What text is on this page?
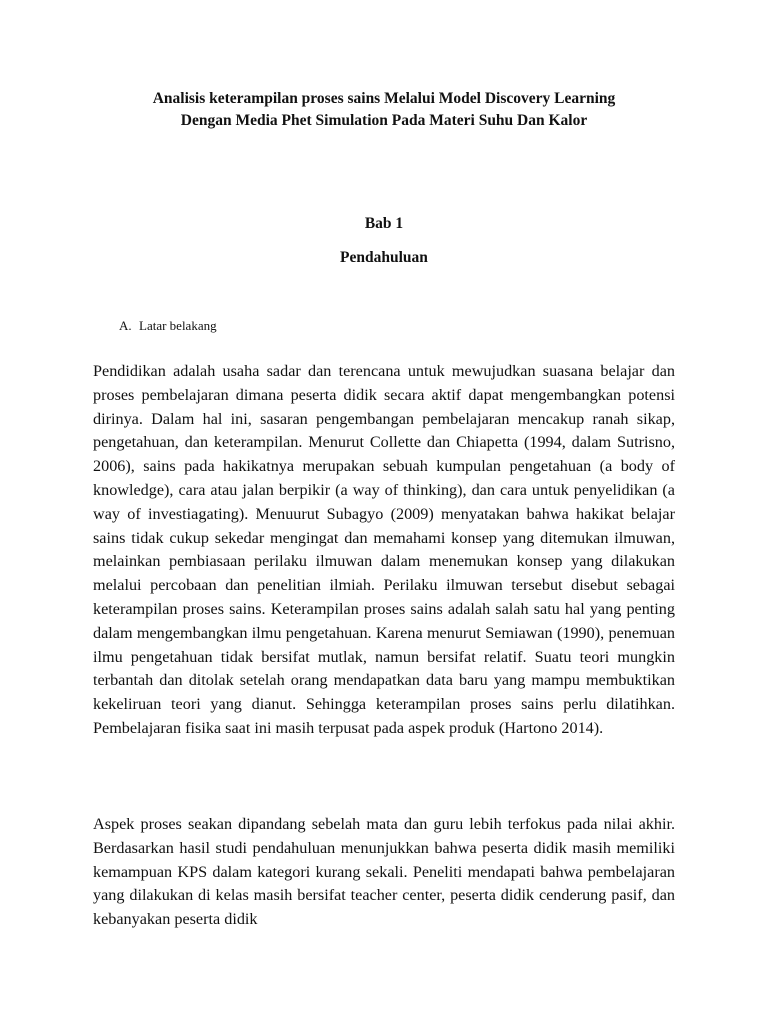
Analisis keterampilan proses sains Melalui Model Discovery Learning

Dengan Media Phet Simulation Pada Materi Suhu Dan Kalor

Bab 1

Pendahuluan

A. Latar belakang

Pendidikan adalah usaha sadar dan terencana untuk mewujudkan suasana belajar dan proses pembelajaran dimana peserta didik secara aktif dapat mengembangkan potensi dirinya. Dalam hal ini, sasaran pengembangan pembelajaran mencakup ranah sikap, pengetahuan, dan keterampilan. Menurut Collette dan Chiapetta (1994, dalam Sutrisno, 2006), sains pada hakikatnya merupakan sebuah kumpulan pengetahuan (a body of knowledge), cara atau jalan berpikir (a way of thinking), dan cara untuk penyelidikan (a way of investiagating). Menuurut Subagyo (2009) menyatakan bahwa hakikat belajar sains tidak cukup sekedar mengingat dan memahami konsep yang ditemukan ilmuwan, melainkan pembiasaan perilaku ilmuwan dalam menemukan konsep yang dilakukan melalui percobaan dan penelitian ilmiah. Perilaku ilmuwan tersebut disebut sebagai keterampilan proses sains. Keterampilan proses sains adalah salah satu hal yang penting dalam mengembangkan ilmu pengetahuan. Karena menurut Semiawan (1990), penemuan ilmu pengetahuan tidak bersifat mutlak, namun bersifat relatif. Suatu teori mungkin terbantah dan ditolak setelah orang mendapatkan data baru yang mampu membuktikan kekeliruan teori yang dianut. Sehingga keterampilan proses sains perlu dilatihkan. Pembelajaran fisika saat ini masih terpusat pada aspek produk (Hartono 2014).

Aspek proses seakan dipandang sebelah mata dan guru lebih terfokus pada nilai akhir. Berdasarkan hasil studi pendahuluan menunjukkan bahwa peserta didik masih memiliki kemampuan KPS dalam kategori kurang sekali. Peneliti mendapati bahwa pembelajaran yang dilakukan di kelas masih bersifat teacher center, peserta didik cenderung pasif, dan kebanyakan peserta didik
